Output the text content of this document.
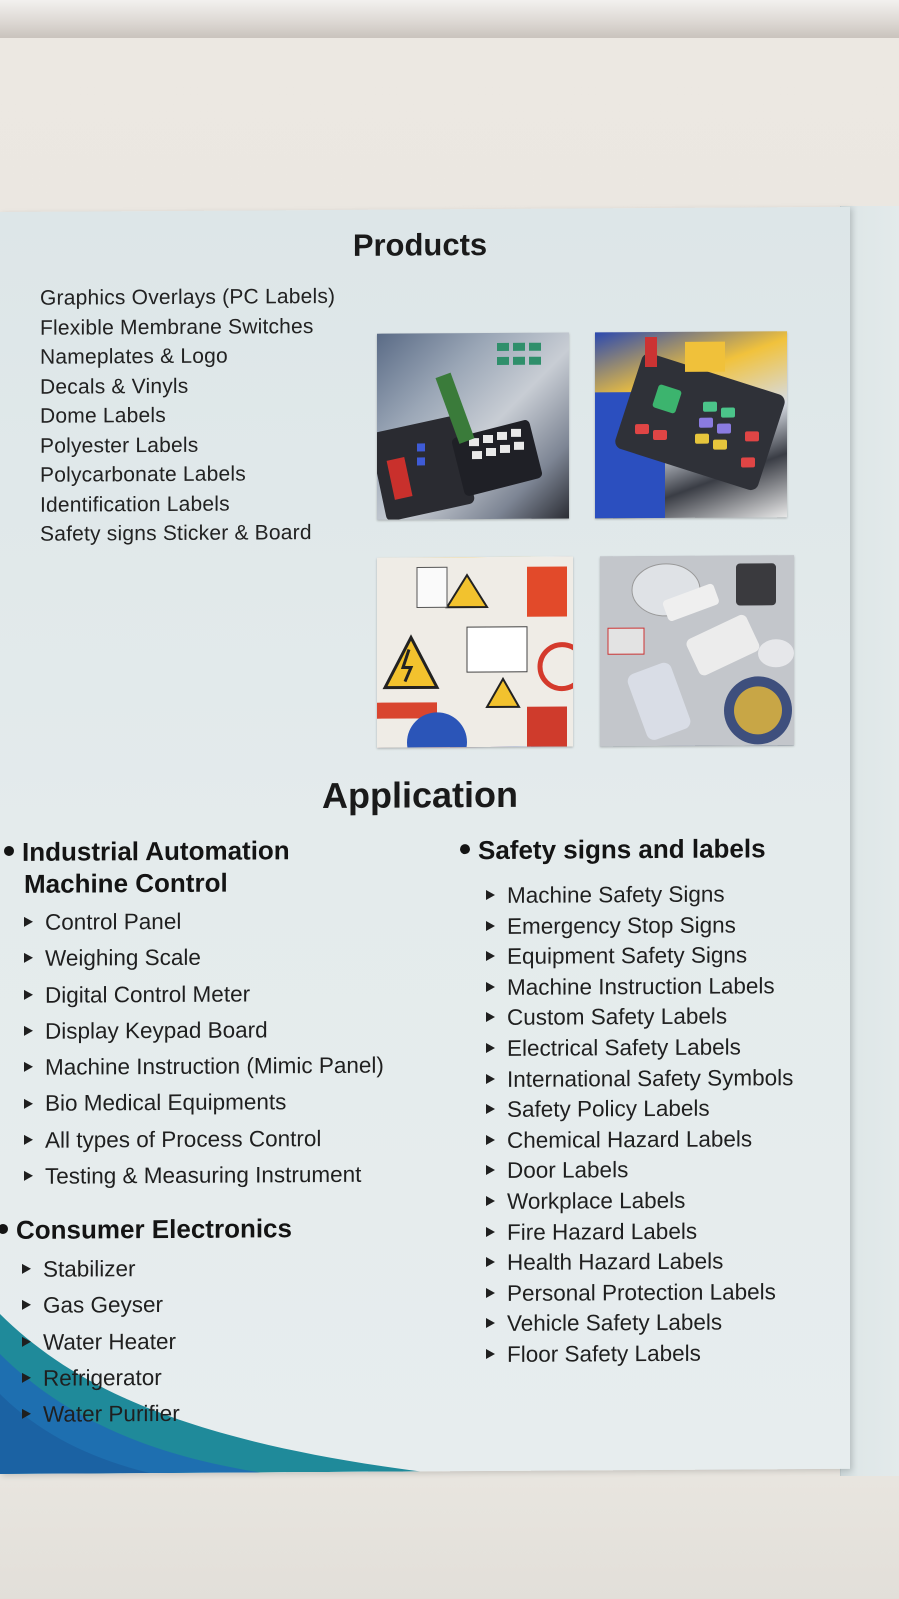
Products
Graphics Overlays (PC Labels)
Flexible Membrane Switches
Nameplates & Logo
Decals & Vinyls
Dome Labels
Polyester Labels
Polycarbonate Labels
Identification Labels
Safety signs Sticker & Board
Application
Industrial Automation
Machine Control
Control Panel
Weighing Scale
Digital Control Meter
Display Keypad Board
Machine Instruction (Mimic Panel)
Bio Medical Equipments
All types of Process Control
Testing & Measuring Instrument
Consumer Electronics
Stabilizer
Gas Geyser
Water Heater
Refrigerator
Water Purifier
Safety signs and labels
Machine Safety Signs
Emergency Stop Signs
Equipment Safety Signs
Machine Instruction Labels
Custom Safety Labels
Electrical Safety Labels
International Safety Symbols
Safety Policy Labels
Chemical Hazard Labels
Door Labels
Workplace Labels
Fire Hazard Labels
Health Hazard Labels
Personal Protection Labels
Vehicle Safety Labels
Floor Safety Labels
